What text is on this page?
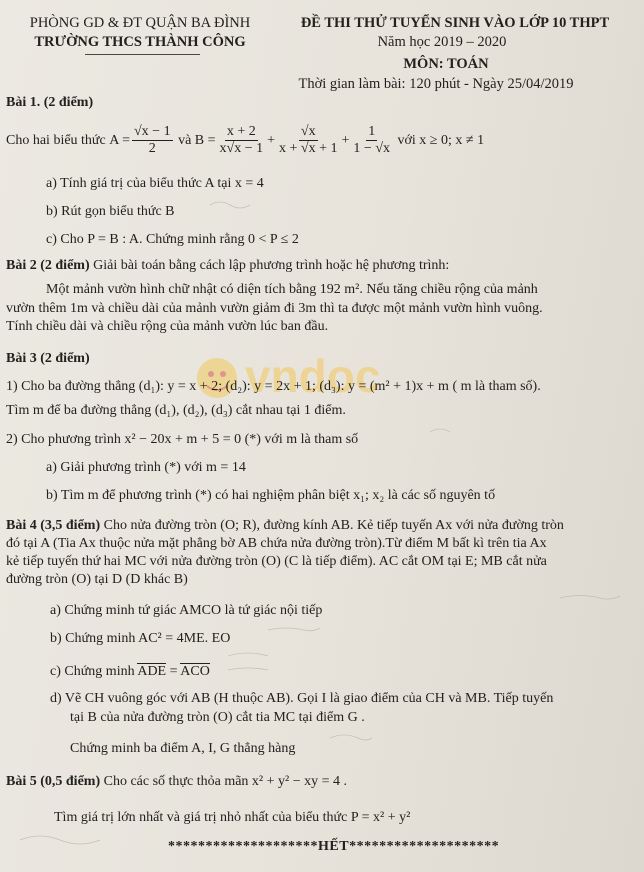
PHÒNG GD & ĐT QUẬN BA ĐÌNH
TRƯỜNG THCS THÀNH CÔNG
ĐỀ THI THỬ TUYỂN SINH VÀO LỚP 10 THPT
Năm học 2019 – 2020
MÔN: TOÁN
Thời gian làm bài: 120 phút - Ngày 25/04/2019
Bài 1. (2 điểm)
Cho hai biểu thức
$A = \frac{√x - 1}{2}$
và $B = \frac{x + 2}{x√x - 1} + \frac{√x}{x + √x + 1} + \frac{1}{1 - √x}$
với x ≥ 0; x ≠ 1
a) Tính giá trị của biểu thức A tại x = 4
b) Rút gọn biểu thức B
c) Cho P = B : A. Chứng minh rằng 0 < P ≤ 2
Bài 2 (2 điểm) Giải bài toán bằng cách lập phương trình hoặc hệ phương trình:
Một mảnh vườn hình chữ nhật có diện tích bằng 192 m². Nếu tăng chiều rộng của mảnh
vườn thêm 1m và chiều dài của mảnh vườn giảm đi 3m thì ta được một mảnh vườn hình vuông.
Tính chiều dài và chiều rộng của mảnh vườn lúc ban đầu.
vndoc
Bài 3 (2 điểm)
1) Cho ba đường thẳng (d₁): y = x + 2; (d₂): y = 2x + 1; (d₃): y = (m² + 1)x + m ( m là tham số).
Tìm m để ba đường thẳng (d₁), (d₂), (d₃) cắt nhau tại 1 điểm.
2) Cho phương trình x² − 20x + m + 5 = 0 (*) với m là tham số
a) Giải phương trình (*) với m = 14
b) Tìm m để phương trình (*) có hai nghiệm phân biệt x₁; x₂ là các số nguyên tố
Bài 4 (3,5 điểm) Cho nửa đường tròn (O; R), đường kính AB. Kẻ tiếp tuyến Ax với nửa đường tròn
đó tại A (Tia Ax thuộc nửa mặt phẳng bờ AB chứa nửa đường tròn).Từ điểm M bất kì trên tia Ax
kẻ tiếp tuyến thứ hai MC với nửa đường tròn (O) (C là tiếp điểm). AC cắt OM tại E; MB cắt nửa
đường tròn (O) tại D (D khác B)
a) Chứng minh tứ giác AMCO là tứ giác nội tiếp
b) Chứng minh AC² = 4ME. EO
c) Chứng minh ADE = ACO
d) Vẽ CH vuông góc với AB (H thuộc AB). Gọi I là giao điểm của CH và MB. Tiếp tuyến
tại B của nửa đường tròn (O) cắt tia MC tại điểm G .
Chứng minh ba điểm A, I, G thẳng hàng
Bài 5 (0,5 điểm) Cho các số thực thỏa mãn x² + y² − xy = 4 .
Tìm giá trị lớn nhất và giá trị nhỏ nhất của biểu thức P = x² + y²
********************HẾT********************
